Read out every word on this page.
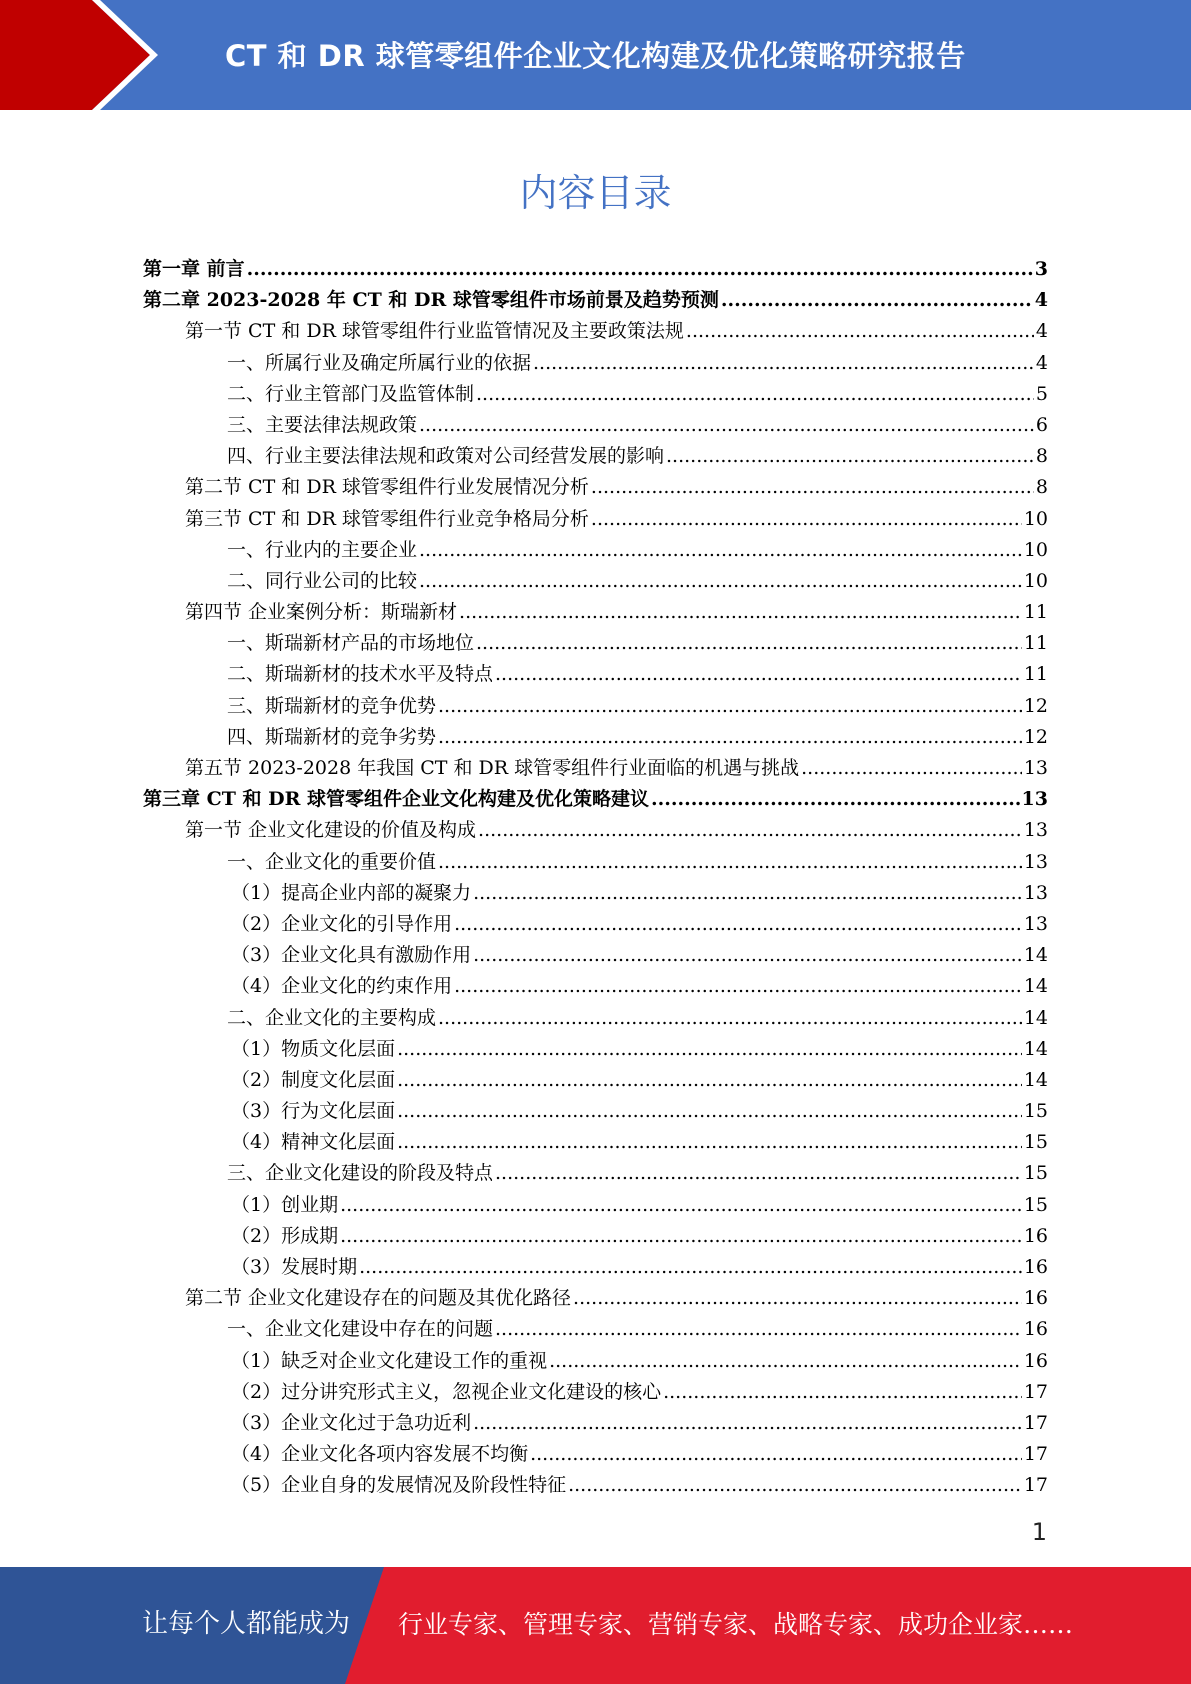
CT 和 DR 球管零组件企业文化构建及优化策略研究报告
内容目录
第一章 前言 .....	3
第二章 2023-2028 年 CT 和 DR 球管零组件市场前景及趋势预测 .....	4
第一节 CT 和 DR 球管零组件行业监管情况及主要政策法规 .....	4
一、所属行业及确定所属行业的依据 .....	4
二、行业主管部门及监管体制 .....	5
三、主要法律法规政策 .....	6
四、行业主要法律法规和政策对公司经营发展的影响 .....	8
第二节 CT 和 DR 球管零组件行业发展情况分析 .....	8
第三节 CT 和 DR 球管零组件行业竞争格局分析 .....	10
一、行业内的主要企业 .....	10
二、同行业公司的比较 .....	10
第四节 企业案例分析：斯瑞新材 .....	11
一、斯瑞新材产品的市场地位 .....	11
二、斯瑞新材的技术水平及特点 .....	11
三、斯瑞新材的竞争优势 .....	12
四、斯瑞新材的竞争劣势 .....	12
第五节 2023-2028 年我国 CT 和 DR 球管零组件行业面临的机遇与挑战 .....	13
第三章 CT 和 DR 球管零组件企业文化构建及优化策略建议 .....	13
第一节 企业文化建设的价值及构成 .....	13
一、企业文化的重要价值 .....	13
（1）提高企业内部的凝聚力 .....	13
（2）企业文化的引导作用 .....	13
（3）企业文化具有激励作用 .....	14
（4）企业文化的约束作用 .....	14
二、企业文化的主要构成 .....	14
（1）物质文化层面 .....	14
（2）制度文化层面 .....	14
（3）行为文化层面 .....	15
（4）精神文化层面 .....	15
三、企业文化建设的阶段及特点 .....	15
（1）创业期 .....	15
（2）形成期 .....	16
（3）发展时期 .....	16
第二节 企业文化建设存在的问题及其优化路径 .....	16
一、企业文化建设中存在的问题 .....	16
（1）缺乏对企业文化建设工作的重视 .....	16
（2）过分讲究形式主义，忽视企业文化建设的核心 .....	17
（3）企业文化过于急功近利 .....	17
（4）企业文化各项内容发展不均衡 .....	17
（5）企业自身的发展情况及阶段性特征 .....	17
1
让每个人都能成为 行业专家、管理专家、营销专家、战略专家、成功企业家……
